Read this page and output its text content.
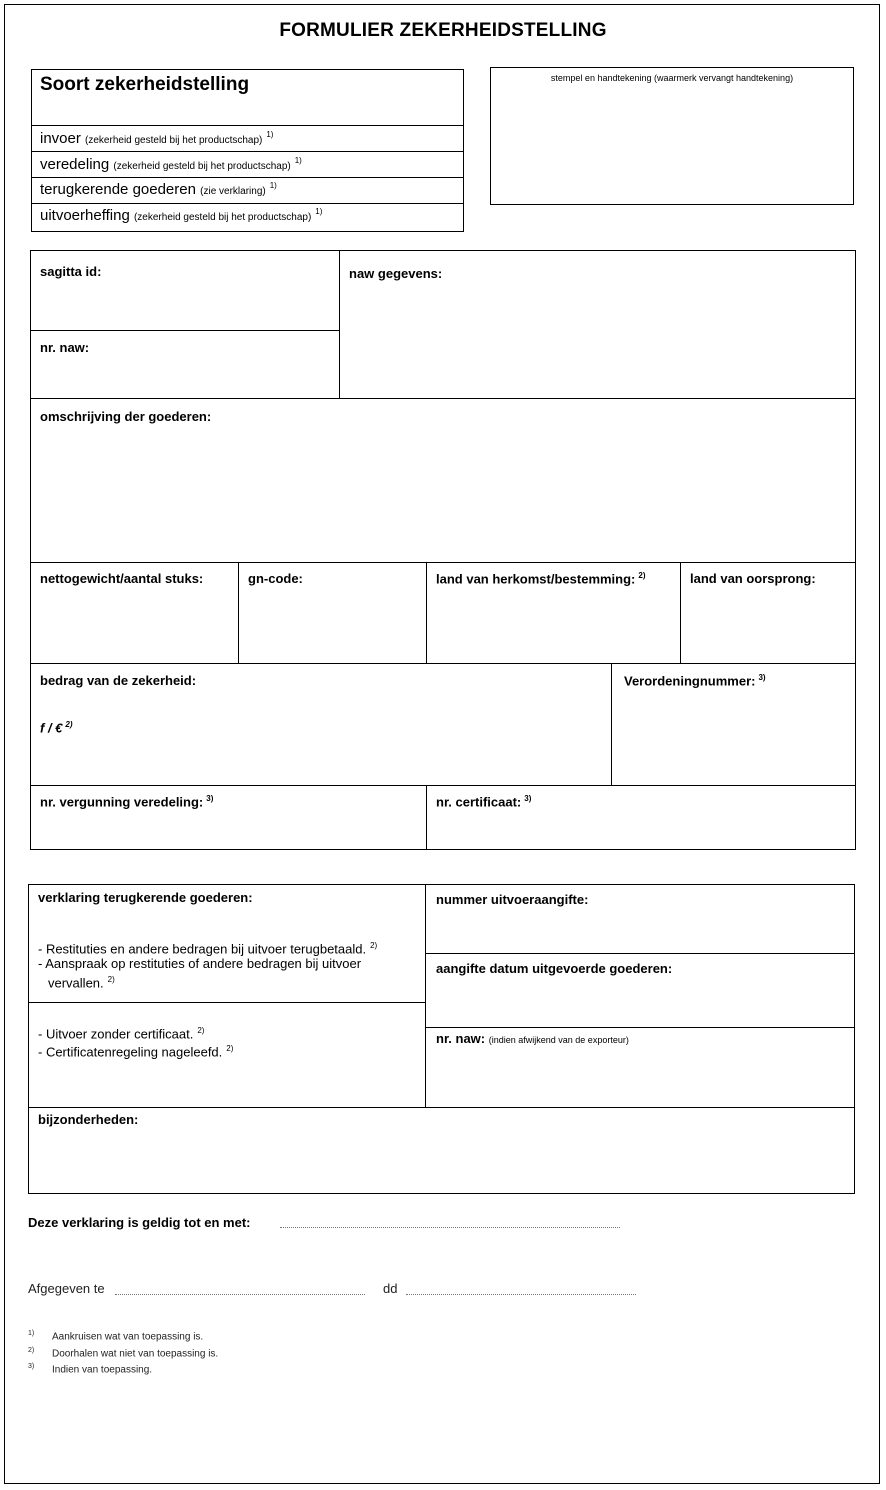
FORMULIER ZEKERHEIDSTELLING
Soort zekerheidstelling
invoer (zekerheid gesteld bij het productschap)$^{1)}$
veredeling (zekerheid gesteld bij het productschap)$^{1)}$
terugkerende goederen (zie verklaring)$^{1)}$
uitvoerheffing (zekerheid gesteld bij het productschap)$^{1)}$
stempel en handtekening (waarmerk vervangt handtekening)
sagitta id:	naw gegevens:
nr. naw:
omschrijving der goederen:
nettogewicht/aantal stuks:	gn-code:	land van herkomst/bestemming: $^{2)}$	land van oorsprong:
bedrag van de zekerheid:
f / € $^{2)}$
Verordeningnummer: $^{3)}$
nr. vergunning veredeling: $^{3)}$	nr. certificaat: $^{3)}$
verklaring terugkerende goederen:
- Restituties en andere bedragen bij uitvoer terugbetaald. $^{2)}$
- Aanspraak op restituties of andere bedragen bij uitvoer
vervallen. $^{2)}$
- Uitvoer zonder certificaat. $^{2)}$
- Certificatenregeling nageleefd. $^{2)}$
nummer uitvoeraangifte:
aangifte datum uitgevoerde goederen:
nr. naw: (indien afwijkend van de exporteur)
bijzonderheden:
Deze verklaring is geldig tot en met:
Afgegeven te	dd
1) Aankruisen wat van toepassing is.
2) Doorhalen wat niet van toepassing is.
3) Indien van toepassing.
